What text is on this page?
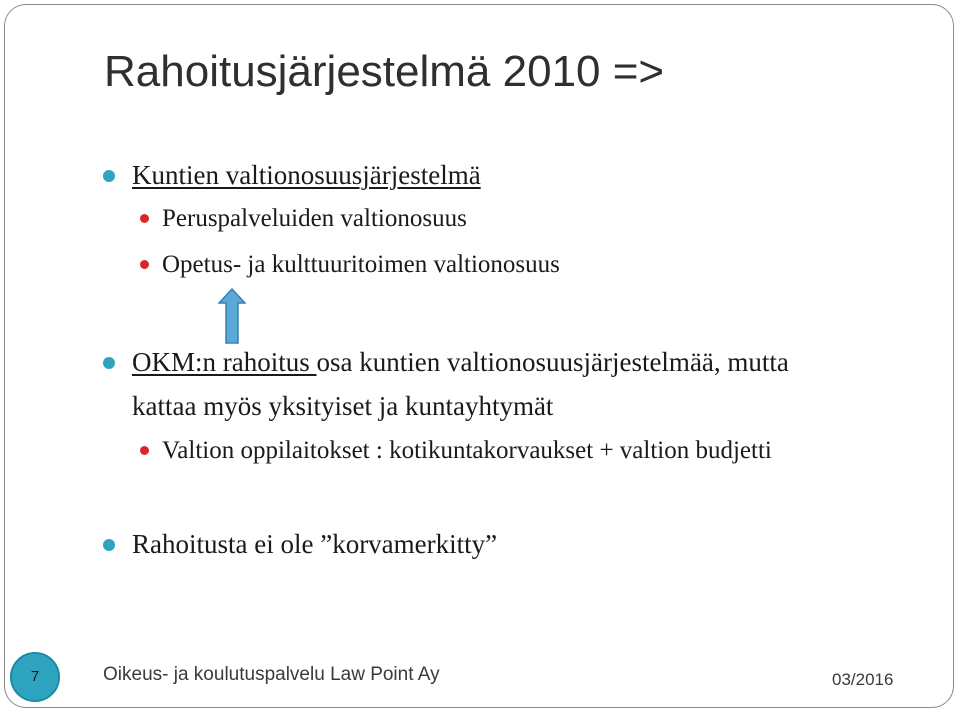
Rahoitusjärjestelmä 2010 =>
Kuntien valtionosuusjärjestelmä
Peruspalveluiden valtionosuus
Opetus- ja kulttuuritoimen valtionosuus
OKM:n rahoitus osa kuntien valtionosuusjärjestelmää, mutta
kattaa myös yksityiset ja kuntayhtymät
Valtion oppilaitokset : kotikuntakorvaukset + valtion budjetti
Rahoitusta ei ole ”korvamerkitty”
7	Oikeus- ja koulutuspalvelu Law Point Ay	03/2016
